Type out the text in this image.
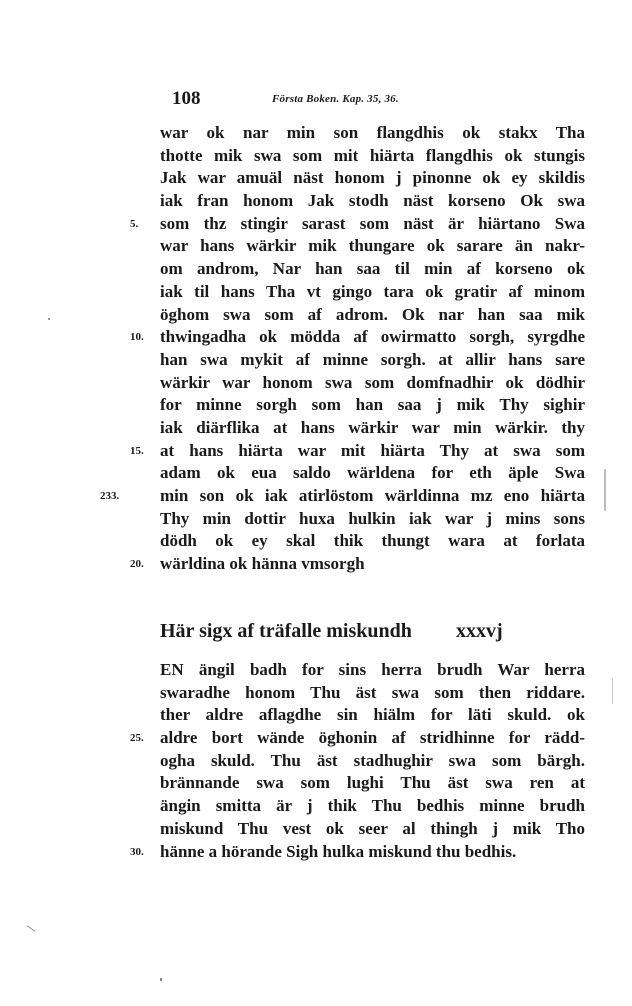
108	Första Boken. Kap. 35, 36.
war ok nar min son flangdhis ok stakx Tha
thotte mik swa som mit hiärta flangdhis ok stungis
Jak war amuäl näst honom j pinonne ok ey skildis
iak fran honom Jak stodh näst korseno Ok swa
som thz stingir sarast som näst är hiärtano Swa
5.
war hans wärkir mik thungare ok sarare än nakr-
om androm, Nar han saa til min af korseno ok
iak til hans Tha vt gingo tara ok gratir af minom
öghom swa som af adrom. Ok nar han saa mik
thwingadha ok mödda af owirmatto sorgh, syrgdhe
10.
han swa mykit af minne sorgh. at allir hans sare
wärkir war honom swa som domfnadhir ok dödhir
for minne sorgh som han saa j mik Thy sighir
iak diärflika at hans wärkir war min wärkir. thy
at hans hiärta war mit hiärta Thy at swa som
15.
adam ok eua saldo wärldena for eth äple Swa
min son ok iak atirlöstom wärldinna mz eno hiärta
233.
Thy min dottir huxa hulkin iak war j mins sons
dödh ok ey skal thik thungt wara at forlata
wärldina ok hänna vmsorgh
20.
Här sigx af träfalle miskundh xxxvj
EN ängil badh for sins herra brudh War herra
swaradhe honom Thu äst swa som then riddare.
ther aldre aflagdhe sin hiälm for läti skuld. ok
aldre bort wände öghonin af stridhinne for rädd-
25.
ogha skuld. Thu äst stadhughir swa som bärgh.
brännande swa som lughi Thu äst swa ren at
ängin smitta är j thik Thu bedhis minne brudh
miskund Thu vest ok seer al thingh j mik Tho
hänne a hörande Sigh hulka miskund thu bedhis.
30.
